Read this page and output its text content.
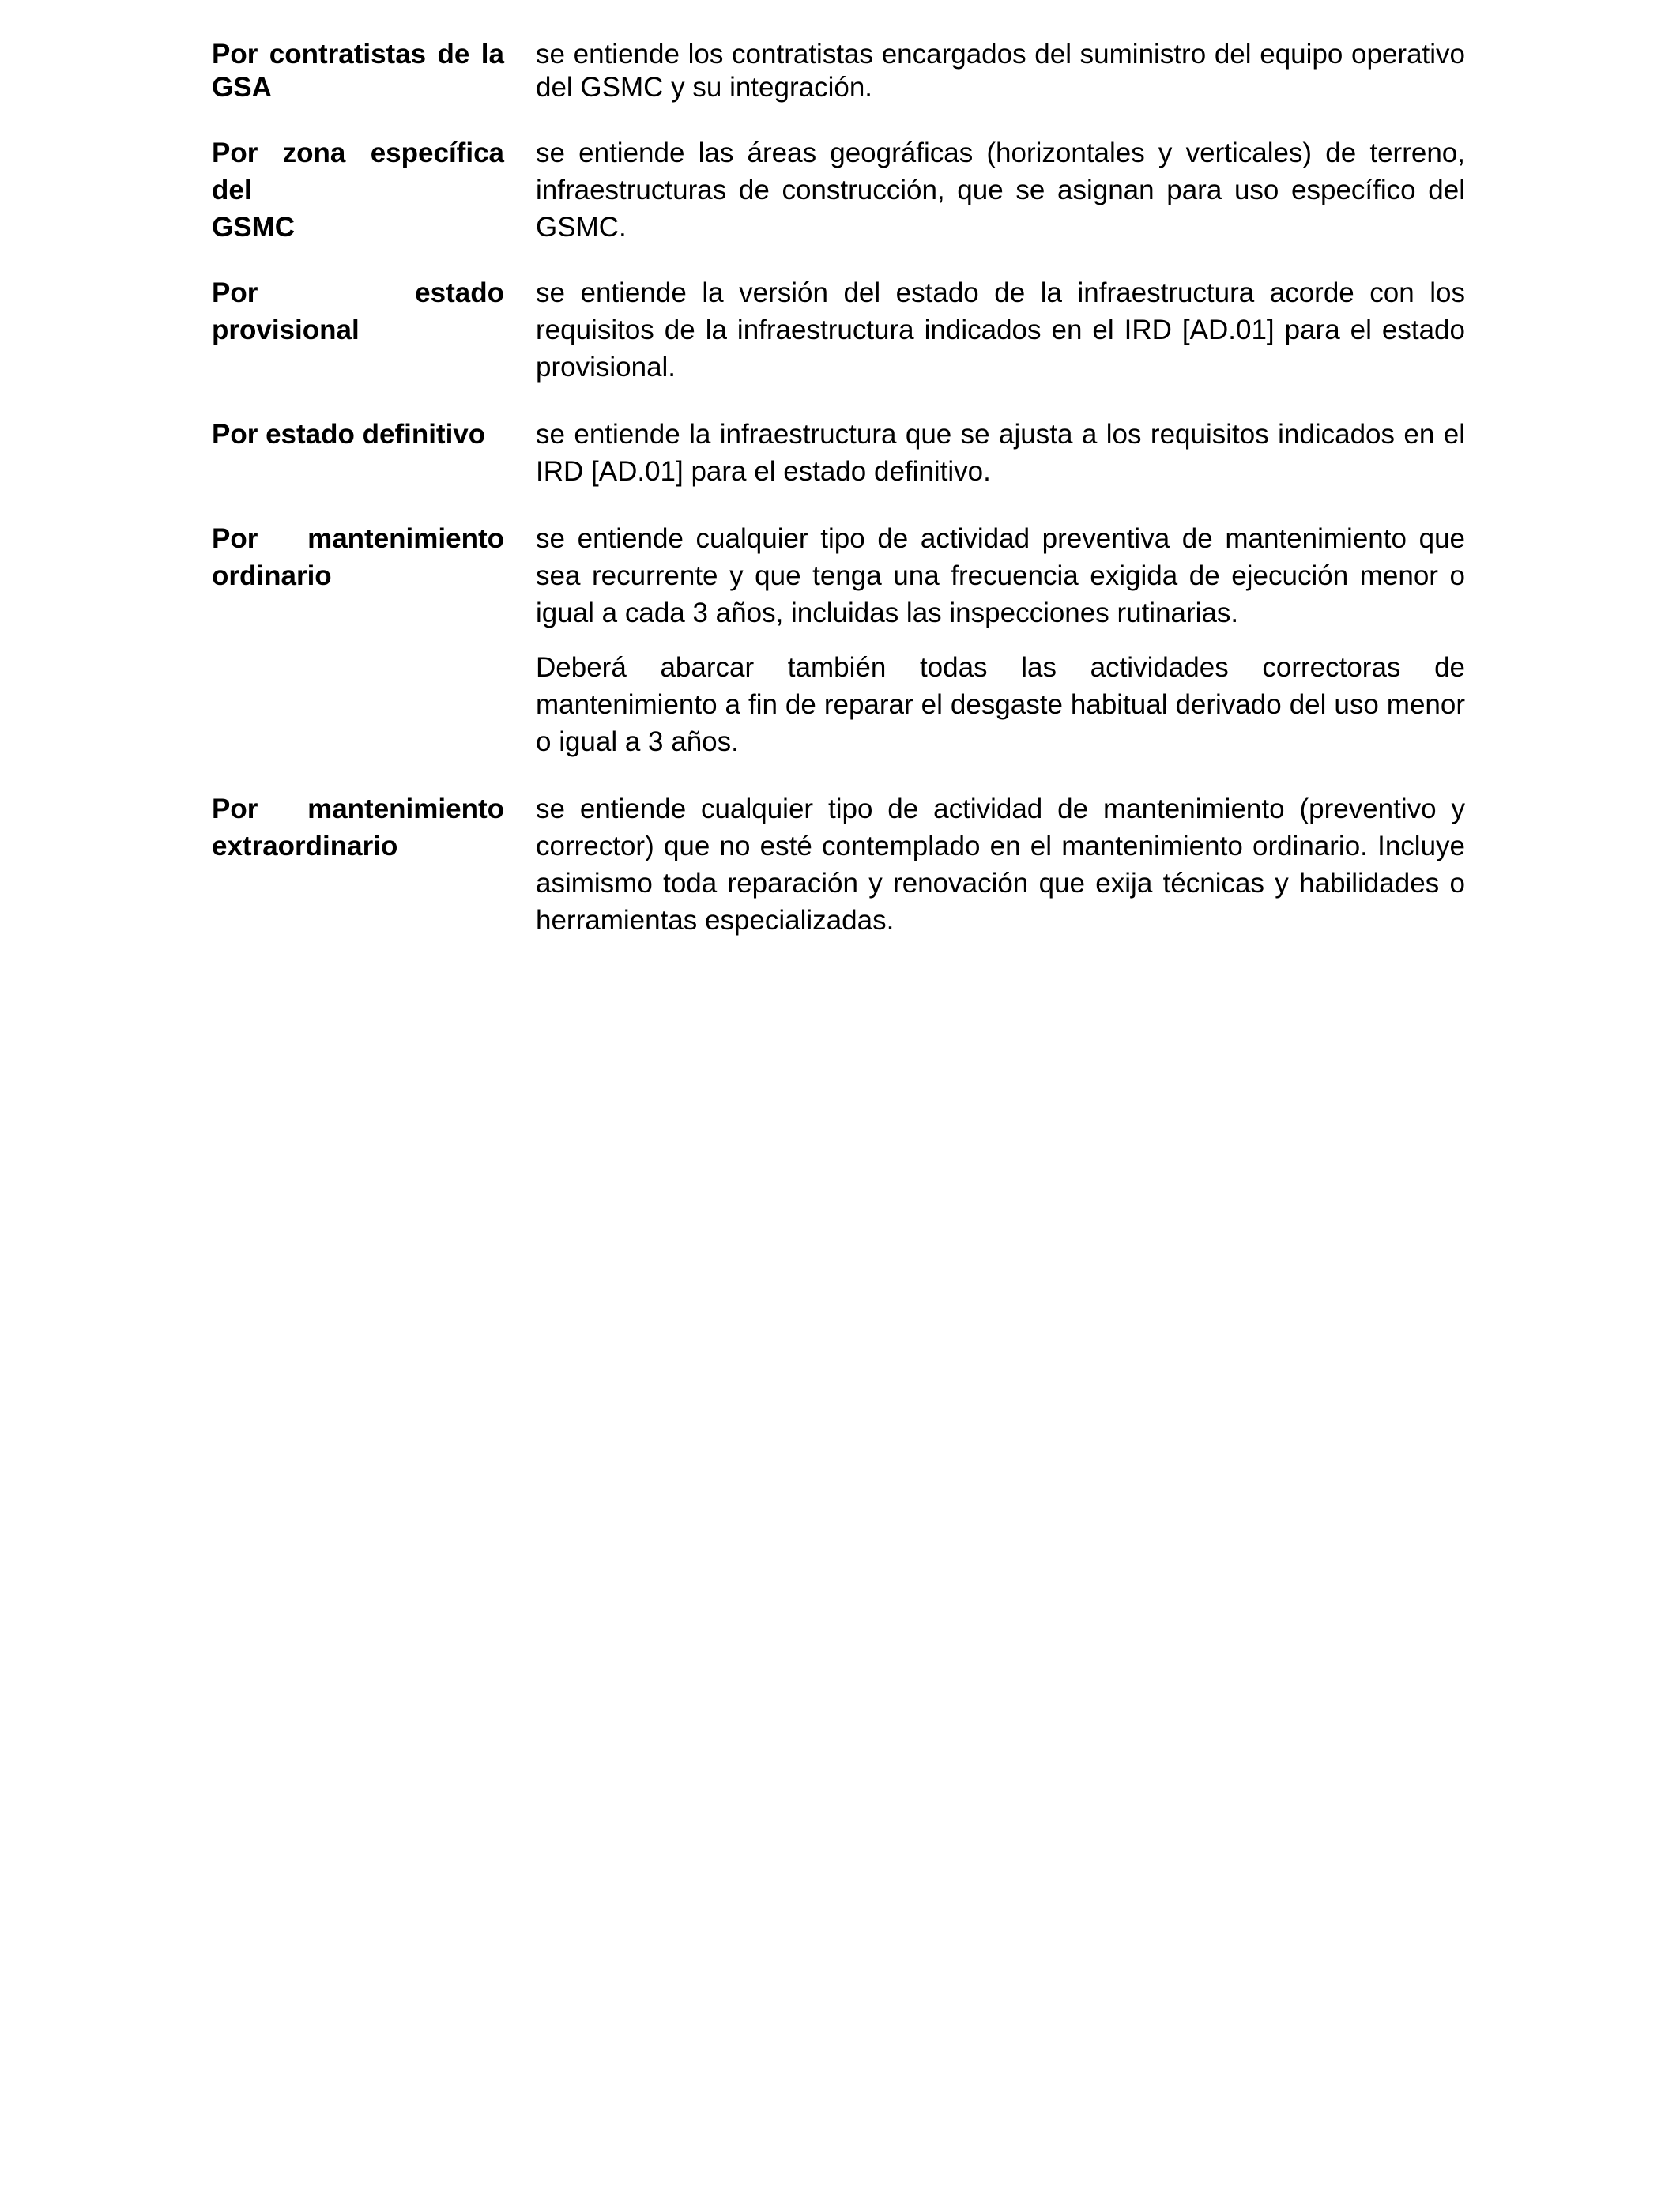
Por contratistas de la
GSA

se entiende los contratistas encargados del suministro del equipo operativo del GSMC y su integración.

Por zona específica del
GSMC

se entiende las áreas geográficas (horizontales y verticales) de terreno, infraestructuras de construcción, que se asignan para uso específico del GSMC.

Por estado provisional

se entiende la versión del estado de la infraestructura acorde con los requisitos de la infraestructura indicados en el IRD [AD.01] para el estado provisional.

Por estado definitivo	se entiende la infraestructura que se ajusta a los requisitos indicados en el IRD [AD.01] para el estado definitivo.

Por mantenimiento
ordinario

se entiende cualquier tipo de actividad preventiva de mantenimiento que sea recurrente y que tenga una frecuencia exigida de ejecución menor o igual a cada 3 años, incluidas las inspecciones rutinarias.

Deberá abarcar también todas las actividades correctoras de mantenimiento a fin de reparar el desgaste habitual derivado del uso menor o igual a 3 años.

Por mantenimiento
extraordinario

se entiende cualquier tipo de actividad de mantenimiento (preventivo y corrector) que no esté contemplado en el mantenimiento ordinario. Incluye asimismo toda reparación y renovación que exija técnicas y habilidades o herramientas especializadas.
